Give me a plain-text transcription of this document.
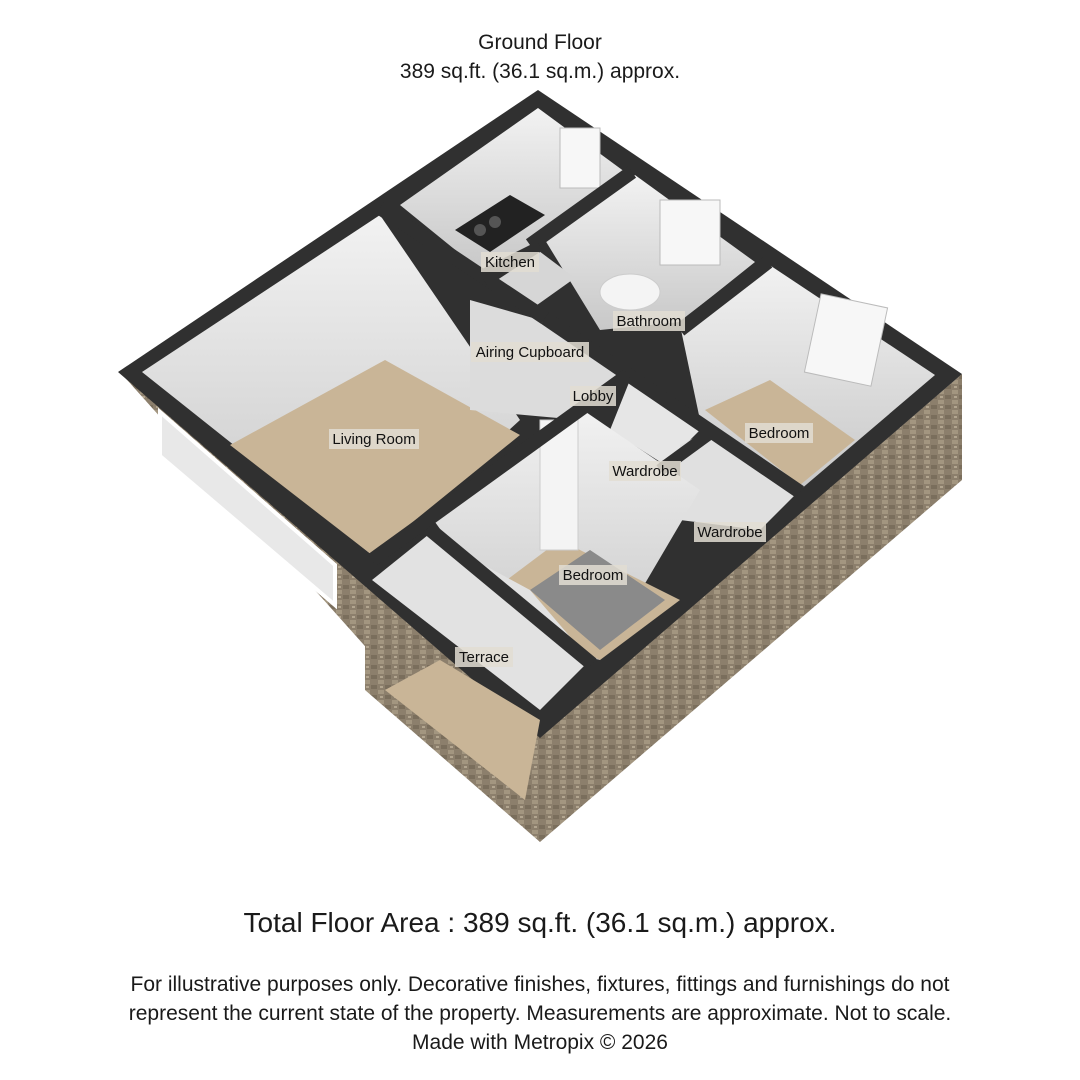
Ground Floor
389 sq.ft. (36.1 sq.m.) approx.
Kitchen
Bathroom
Airing Cupboard
Lobby
Living Room	Bedroom
Wardrobe
Wardrobe
Bedroom
Terrace
Total Floor Area : 389 sq.ft. (36.1 sq.m.) approx.
For illustrative purposes only. Decorative finishes, fixtures, fittings and furnishings do not
represent the current state of the property. Measurements are approximate. Not to scale.
Made with Metropix © 2026
